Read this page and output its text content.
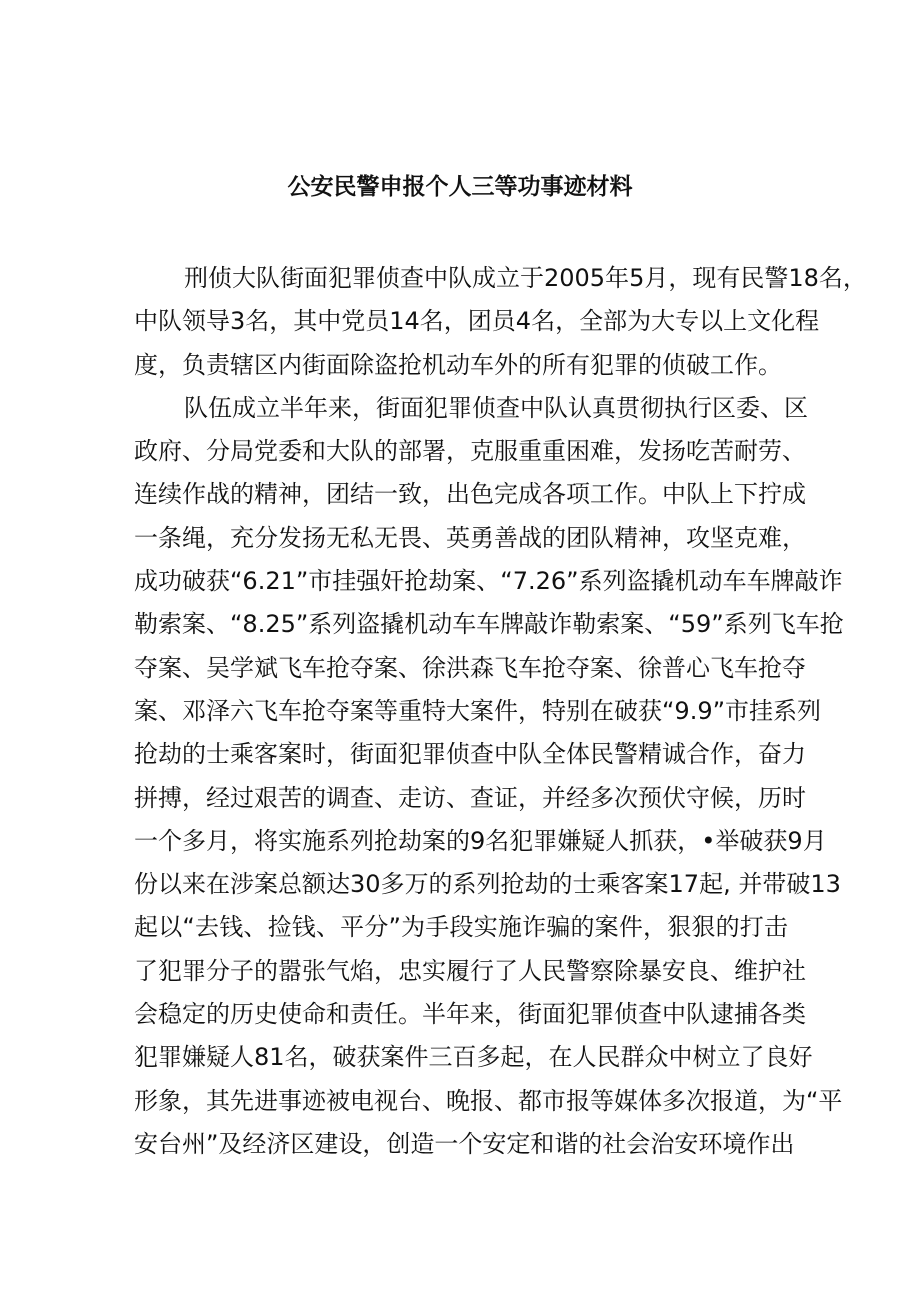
公安民警申报个人三等功事迹材料
刑侦大队街面犯罪侦查中队成立于2005年5月，现有民警18名，
中队领导3名，其中党员14名，团员4名，全部为大专以上文化程
度，负责辖区内街面除盗抢机动车外的所有犯罪的侦破工作。
队伍成立半年来，街面犯罪侦查中队认真贯彻执行区委、区
政府、分局党委和大队的部署，克服重重困难，发扬吃苦耐劳、
连续作战的精神，团结一致，出色完成各项工作。中队上下拧成
一条绳，充分发扬无私无畏、英勇善战的团队精神，攻坚克难，
成功破获“6.21”市挂强奸抢劫案、“7.26”系列盗撬机动车车牌敲诈
勒索案、“8.25”系列盗撬机动车车牌敲诈勒索案、“59”系列飞车抢
夺案、吴学斌飞车抢夺案、徐洪森飞车抢夺案、徐普心飞车抢夺
案、邓泽六飞车抢夺案等重特大案件，特别在破获“9.9”市挂系列
抢劫的士乘客案时，街面犯罪侦查中队全体民警精诚合作，奋力
拼搏，经过艰苦的调查、走访、查证，并经多次预伏守候，历时
一个多月，将实施系列抢劫案的9名犯罪嫌疑人抓获，•举破获9月
份以来在涉案总额达30多万的系列抢劫的士乘客案17起, 并带破13
起以“去钱、捡钱、平分”为手段实施诈骗的案件，狠狠的打击
了犯罪分子的嚣张气焰，忠实履行了人民警察除暴安良、维护社
会稳定的历史使命和责任。半年来，街面犯罪侦查中队逮捕各类
犯罪嫌疑人81名，破获案件三百多起，在人民群众中树立了良好
形象，其先进事迹被电视台、晚报、都市报等媒体多次报道，为“平
安台州”及经济区建设，创造一个安定和谐的社会治安环境作出
